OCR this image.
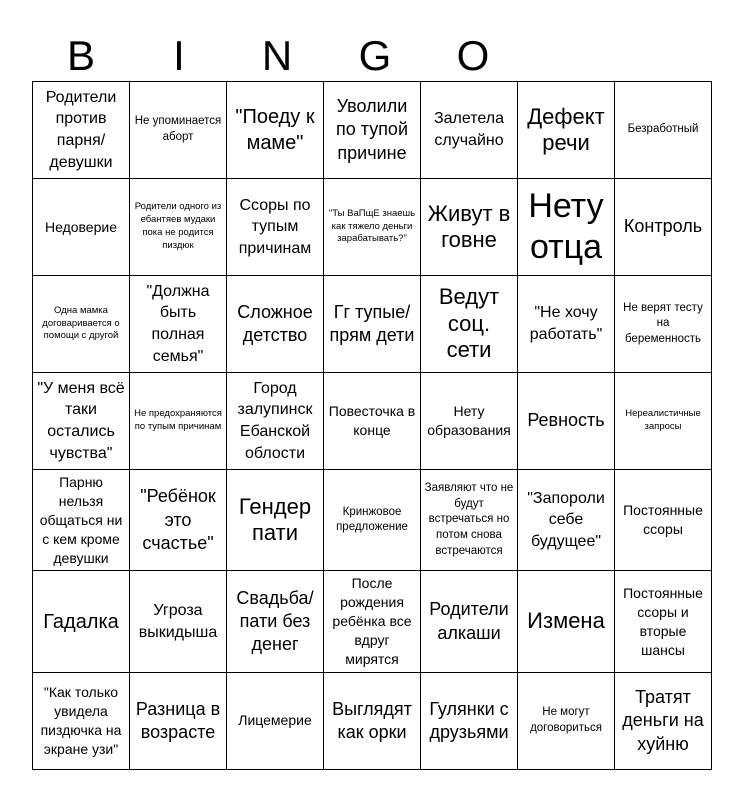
B	I	N	G	O
Родители против парня/ девушки	Не упоминается аборт	"Поеду к маме"	Уволили по тупой причине	Залетела случайно	Дефект речи	Безработный
Недоверие	Родители одного из ебантяев мудаки пока не родится пиздюк	Ссоры по тупым причинам	"Ты ВаПщЕ знаешь как тяжело деньги зарабатывать?"	Живут в говне	Нету отца	Контроль
Одна мамка договаривается о помощи с другой	"Должна быть полная семья"	Сложное детство	Гг тупые/ прям дети	Ведут соц. сети	"Не хочу работать"	Не верят тесту на беременность
"У меня всё таки остались чувства"	Не предохраняются по тупым причинам	Город залупинск Ебанской облости	Повесточка в конце	Нету образования	Ревность	Нереалистичные запросы
Парню нельзя общаться ни с кем кроме девушки	"Ребёнок это счастье"	Гендер пати	Кринжовое предложение	Заявляют что не будут встречаться но потом снова встречаются	"Запороли себе будущее"	Постоянные ссоры
Гадалка	Угроза выкидыша	Свадьба/ пати без денег	После рождения ребёнка все вдруг мирятся	Родители алкаши	Измена	Постоянные ссоры и вторые шансы
"Как только увидела пиздючка на экране узи"	Разница в возрасте	Лицемерие	Выглядят как орки	Гулянки с друзьями	Не могут договориться	Тратят деньги на хуйню
